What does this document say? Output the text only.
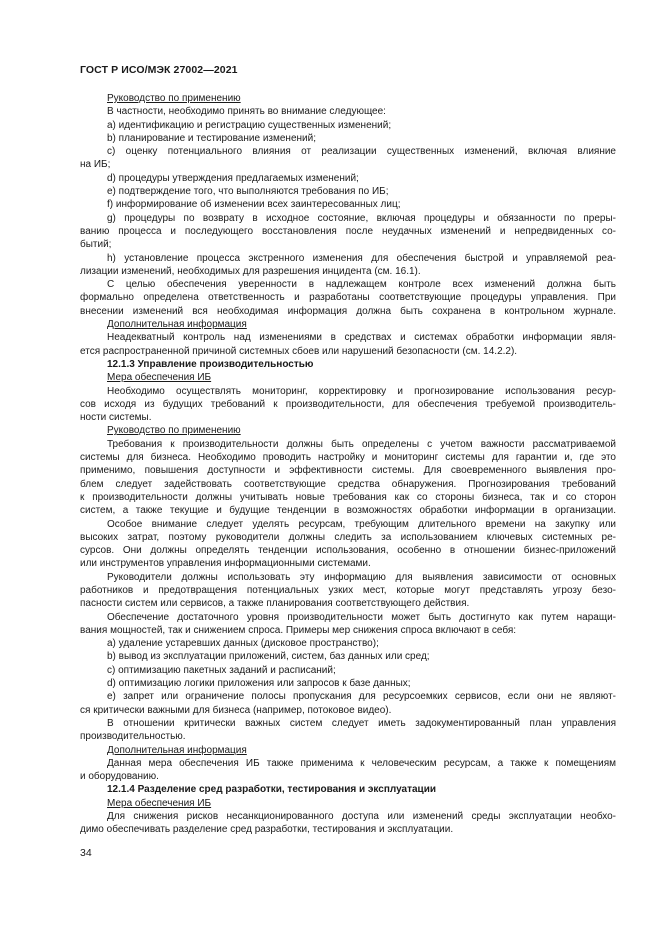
ГОСТ Р ИСО/МЭК 27002—2021

Руководство по применению

В частности, необходимо принять во внимание следующее:

a) идентификацию и регистрацию существенных изменений;

b) планирование и тестирование изменений;

c) оценку потенциального влияния от реализации существенных изменений, включая влияние

на ИБ;

d) процедуры утверждения предлагаемых изменений;

e) подтверждение того, что выполняются требования по ИБ;

f) информирование об изменении всех заинтересованных лиц;

g) процедуры по возврату в исходное состояние, включая процедуры и обязанности по преры-

ванию процесса и последующего восстановления после неудачных изменений и непредвиденных со-

бытий;

h) установление процесса экстренного изменения для обеспечения быстрой и управляемой реа-

лизации изменений, необходимых для разрешения инцидента (см. 16.1).

С целью обеспечения уверенности в надлежащем контроле всех изменений должна быть

формально определена ответственность и разработаны соответствующие процедуры управления. При

внесении изменений вся необходимая информация должна быть сохранена в контрольном журнале.

Дополнительная информация

Неадекватный контроль над изменениями в средствах и системах обработки информации явля-

ется распространенной причиной системных сбоев или нарушений безопасности (см. 14.2.2).

12.1.3 Управление производительностью

Мера обеспечения ИБ

Необходимо осуществлять мониторинг, корректировку и прогнозирование использования ресур-

сов исходя из будущих требований к производительности, для обеспечения требуемой производитель-

ности системы.

Руководство по применению

Требования к производительности должны быть определены с учетом важности рассматриваемой

системы для бизнеса. Необходимо проводить настройку и мониторинг системы для гарантии и, где это

применимо, повышения доступности и эффективности системы. Для своевременного выявления про-

блем следует задействовать соответствующие средства обнаружения. Прогнозирования требований

к производительности должны учитывать новые требования как со стороны бизнеса, так и со сторон

систем, а также текущие и будущие тенденции в возможностях обработки информации в организации.

Особое внимание следует уделять ресурсам, требующим длительного времени на закупку или

высоких затрат, поэтому руководители должны следить за использованием ключевых системных ре-

сурсов. Они должны определять тенденции использования, особенно в отношении бизнес-приложений

или инструментов управления информационными системами.

Руководители должны использовать эту информацию для выявления зависимости от основных

работников и предотвращения потенциальных узких мест, которые могут представлять угрозу безо-

пасности систем или сервисов, а также планирования соответствующего действия.

Обеспечение достаточного уровня производительности может быть достигнуто как путем наращи-

вания мощностей, так и снижением спроса. Примеры мер снижения спроса включают в себя:

a) удаление устаревших данных (дисковое пространство);

b) вывод из эксплуатации приложений, систем, баз данных или сред;

c) оптимизацию пакетных заданий и расписаний;

d) оптимизацию логики приложения или запросов к базе данных;

e) запрет или ограничение полосы пропускания для ресурсоемких сервисов, если они не являют-

ся критически важными для бизнеса (например, потоковое видео).

В отношении критически важных систем следует иметь задокументированный план управления

производительностью.

Дополнительная информация

Данная мера обеспечения ИБ также применима к человеческим ресурсам, а также к помещениям

и оборудованию.

12.1.4 Разделение сред разработки, тестирования и эксплуатации

Мера обеспечения ИБ

Для снижения рисков несанкционированного доступа или изменений среды эксплуатации необхо-

димо обеспечивать разделение сред разработки, тестирования и эксплуатации.

34
